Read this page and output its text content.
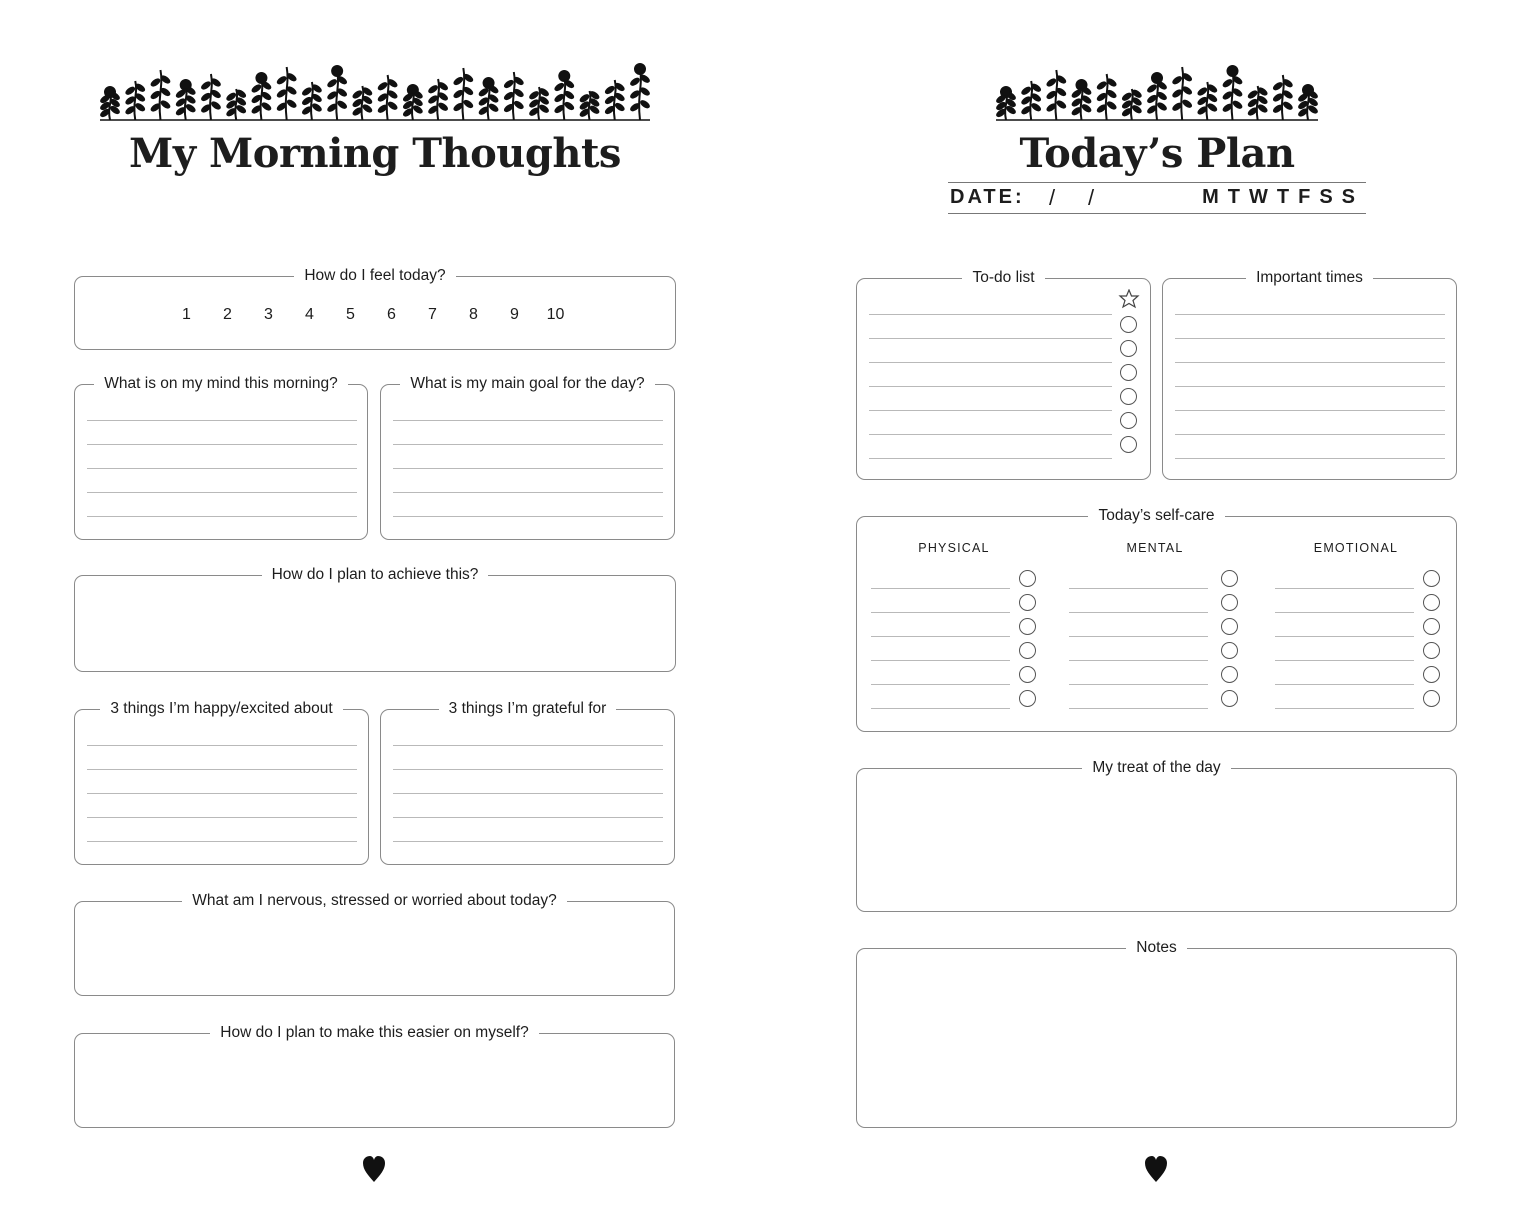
My Morning Thoughts
How do I feel today?
1	2	3	4	5	6	7	8	9	10
What is on my mind this morning?	What is my main goal for the day?
How do I plan to achieve this?
3 things I’m happy/excited about	3 things I’m grateful for
What am I nervous, stressed or worried about today?
How do I plan to make this easier on myself?
Today’s Plan
DATE: / /	MTWTFSS
To-do list	Important times
Today’s self-care
PHYSICAL	MENTAL	EMOTIONAL
My treat of the day
Notes
